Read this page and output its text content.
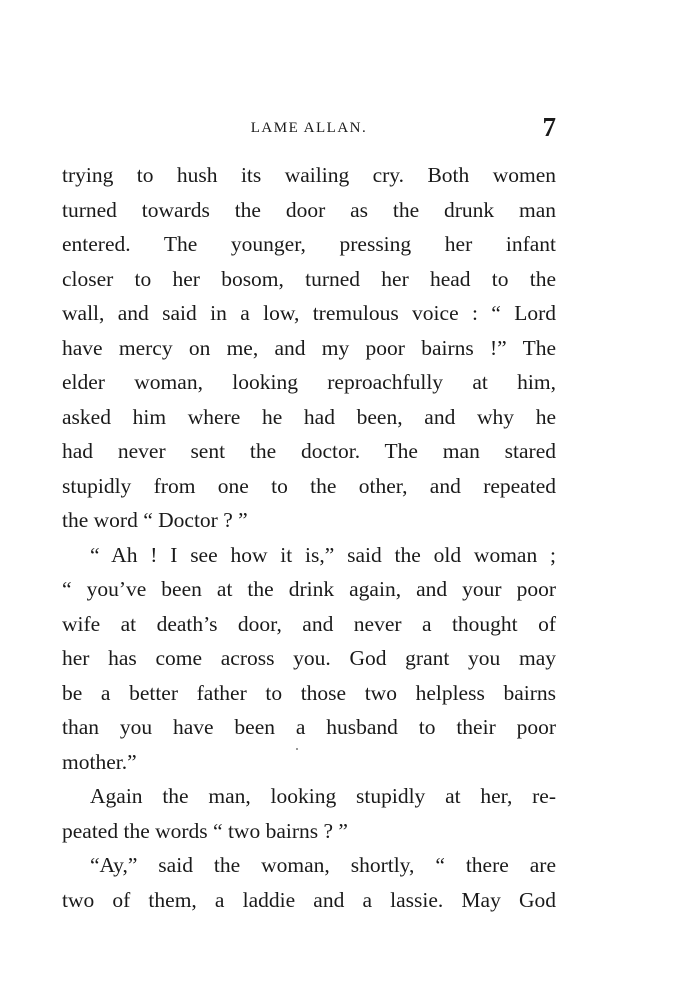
LAME ALLAN.	7
trying to hush its wailing cry. Both women
turned towards the door as the drunk man
entered. The younger, pressing her infant
closer to her bosom, turned her head to the
wall, and said in a low, tremulous voice : “ Lord
have mercy on me, and my poor bairns !” The
elder woman, looking reproachfully at him,
asked him where he had been, and why he
had never sent the doctor. The man stared
stupidly from one to the other, and repeated
the word “ Doctor ? ”
“ Ah ! I see how it is,” said the old woman ;
“ you’ve been at the drink again, and your poor
wife at death’s door, and never a thought of
her has come across you. God grant you may
be a better father to those two helpless bairns
than you have been a husband to their poor
mother.”
Again the man, looking stupidly at her, re-
peated the words “ two bairns ? ”
“Ay,” said the woman, shortly, “ there are
two of them, a laddie and a lassie. May God
